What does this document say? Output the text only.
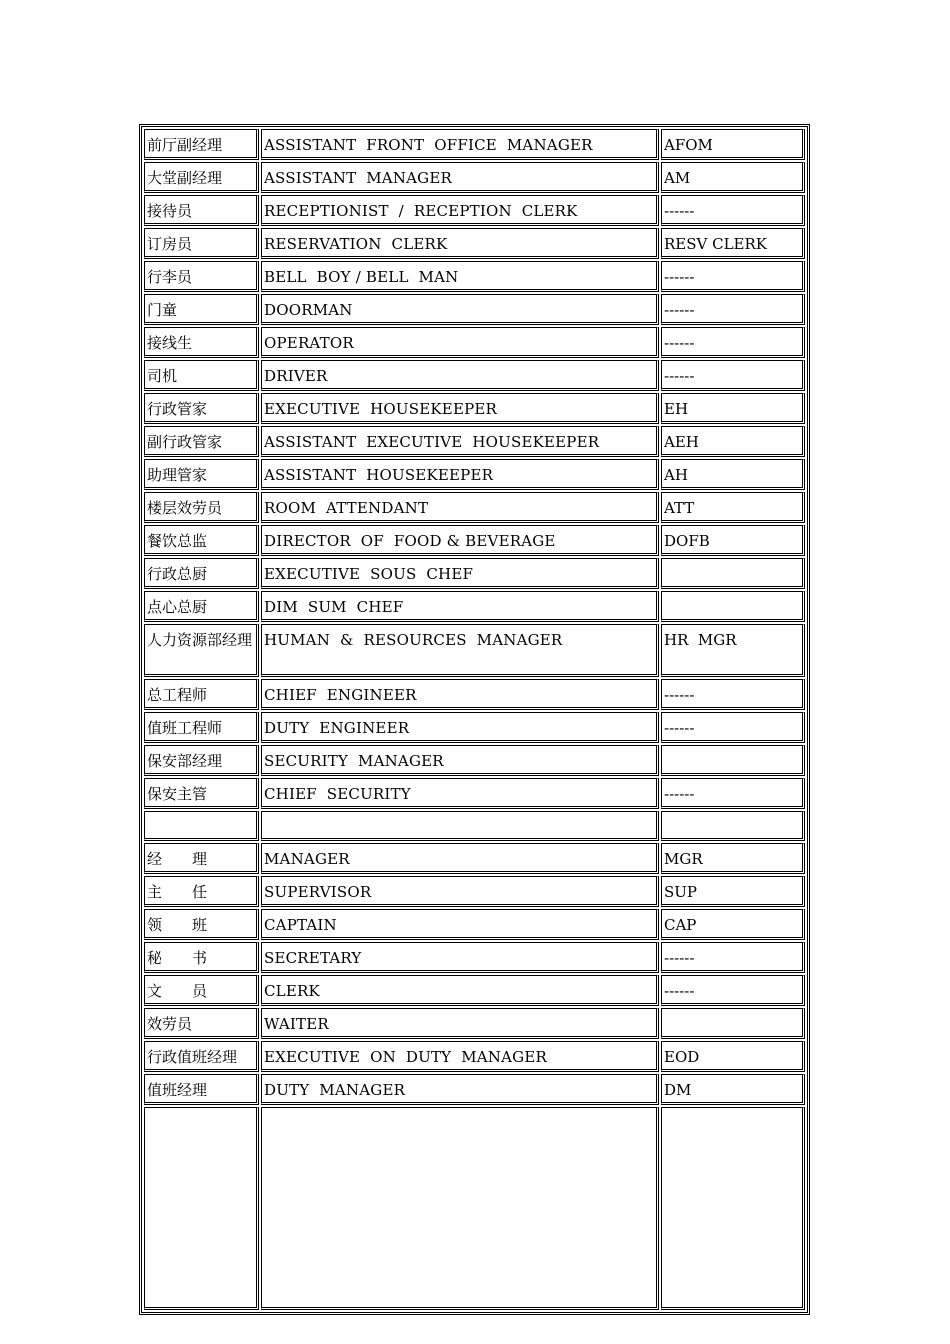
前厅副经理	ASSISTANT  FRONT  OFFICE  MANAGER	AFOM
大堂副经理	ASSISTANT  MANAGER	AM
接待员	RECEPTIONIST  /  RECEPTION  CLERK	------
订房员	RESERVATION  CLERK	RESV CLERK
行李员	BELL  BOY / BELL  MAN	------
门童	DOORMAN	------
接线生	OPERATOR	------
司机	DRIVER	------
行政管家	EXECUTIVE  HOUSEKEEPER	EH
副行政管家	ASSISTANT  EXECUTIVE  HOUSEKEEPER	AEH
助理管家	ASSISTANT  HOUSEKEEPER	AH
楼层效劳员	ROOM  ATTENDANT	ATT
餐饮总监	DIRECTOR  OF  FOOD & BEVERAGE	DOFB
行政总厨	EXECUTIVE  SOUS  CHEF	
点心总厨	DIM  SUM  CHEF	
人力资源部经理	HUMAN  &  RESOURCES  MANAGER	HR  MGR
总工程师	CHIEF  ENGINEER	------
值班工程师	DUTY  ENGINEER	------
保安部经理	SECURITY  MANAGER	
保安主管	CHIEF  SECURITY	------

经　　理	MANAGER	MGR
主　　任	SUPERVISOR	SUP
领　　班	CAPTAIN	CAP
秘　　书	SECRETARY	------
文　　员	CLERK	------
效劳员	WAITER	
行政值班经理	EXECUTIVE  ON  DUTY  MANAGER	EOD
值班经理	DUTY  MANAGER	DM
